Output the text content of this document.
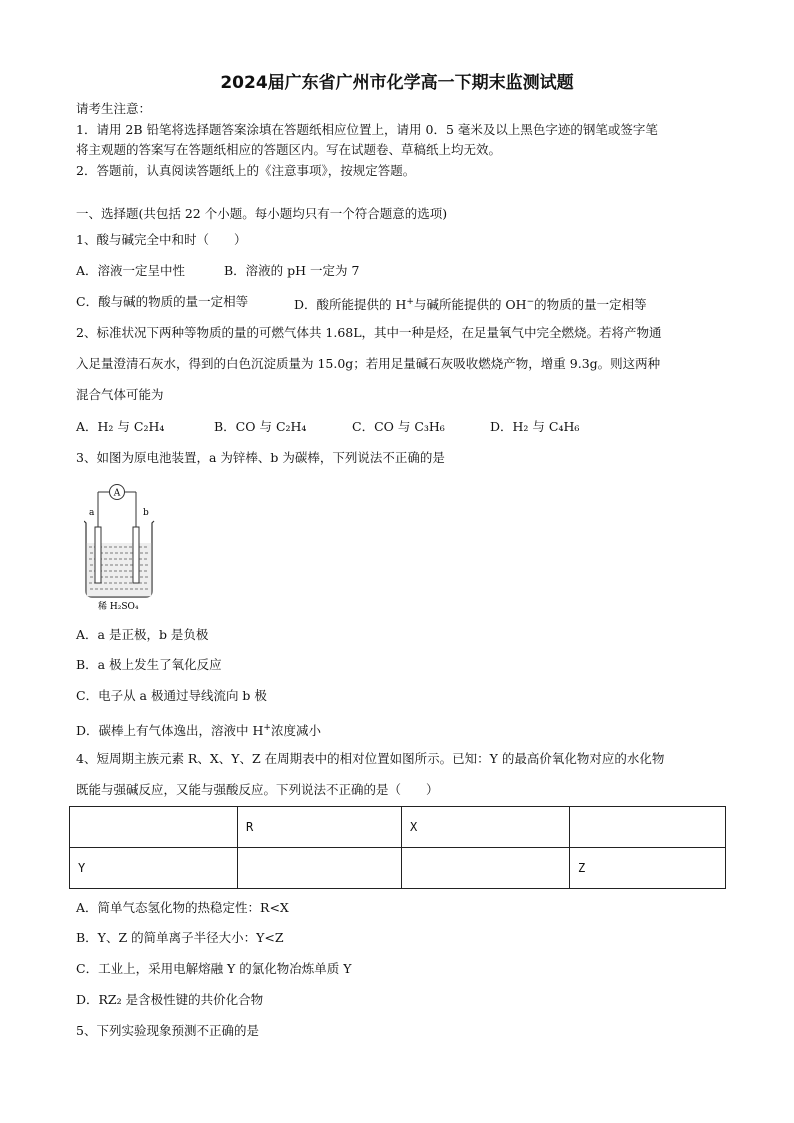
2024届广东省广州市化学高一下期末监测试题
请考生注意：
1．请用 2B 铅笔将选择题答案涂填在答题纸相应位置上，请用 0．5 毫米及以上黑色字迹的钢笔或签字笔
将主观题的答案写在答题纸相应的答题区内。写在试题卷、草稿纸上均无效。
2．答题前，认真阅读答题纸上的《注意事项》，按规定答题。
一、选择题(共包括 22 个小题。每小题均只有一个符合题意的选项)
1、酸与碱完全中和时（　　）
A．溶液一定呈中性	B．溶液的 pH 一定为 7
C．酸与碱的物质的量一定相等	D．酸所能提供的 H+与碱所能提供的 OH−的物质的量一定相等
2、标准状况下两种等物质的量的可燃气体共 1.68L，其中一种是烃，在足量氧气中完全燃烧。若将产物通
入足量澄清石灰水，得到的白色沉淀质量为 15.0g；若用足量碱石灰吸收燃烧产物，增重 9.3g。则这两种
混合气体可能为
A．H₂ 与 C₂H₄	B．CO 与 C₂H₄	C．CO 与 C₃H₆	D．H₂ 与 C₄H₆
3、如图为原电池装置，a 为锌棒、b 为碳棒，下列说法不正确的是
A
a	b
稀 H₂SO₄
A．a 是正极，b 是负极
B．a 极上发生了氧化反应
C．电子从 a 极通过导线流向 b 极
D．碳棒上有气体逸出，溶液中 H+浓度减小
4、短周期主族元素 R、X、Y、Z 在周期表中的相对位置如图所示。已知：Y 的最高价氧化物对应的水化物
既能与强碱反应，又能与强酸反应。下列说法不正确的是（　　）
	R	X	
Y			Z
A．简单气态氢化物的热稳定性：R<X
B．Y、Z 的简单离子半径大小：Y<Z
C．工业上，采用电解熔融 Y 的氯化物冶炼单质 Y
D．RZ₂ 是含极性键的共价化合物
5、下列实验现象预测不正确的是
